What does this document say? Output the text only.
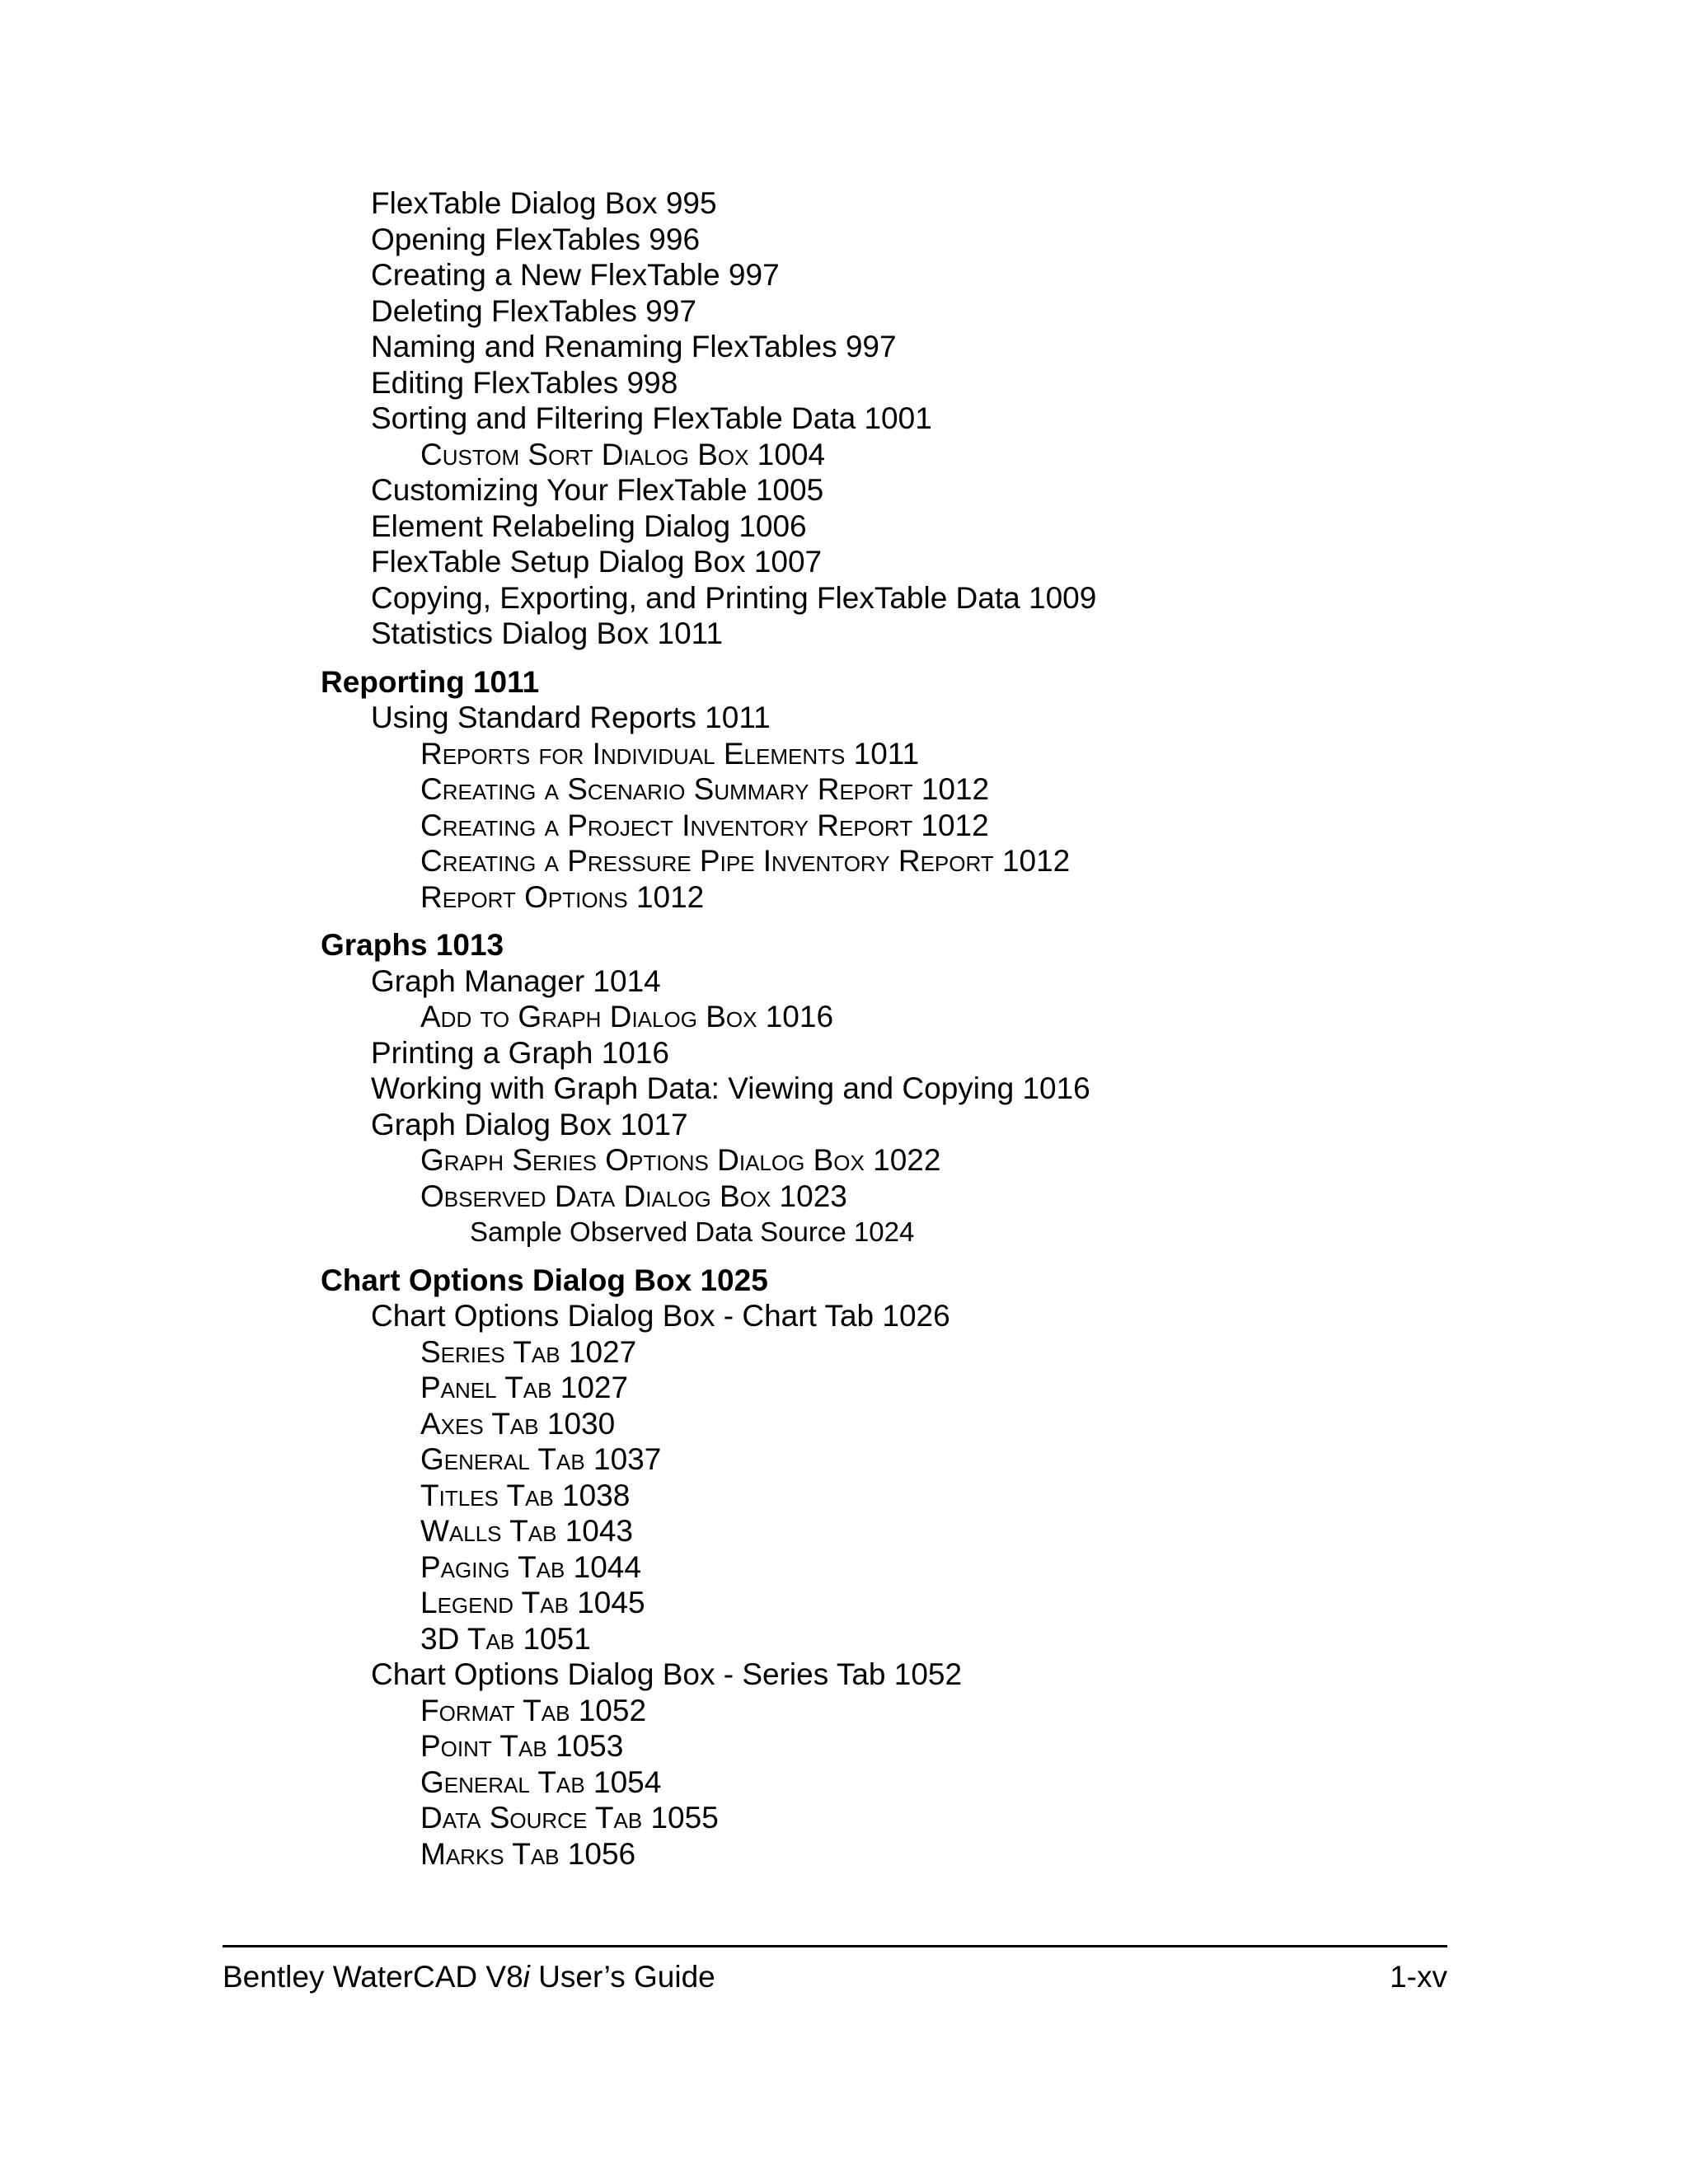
FlexTable Dialog Box 995
Opening FlexTables 996
Creating a New FlexTable 997
Deleting FlexTables 997
Naming and Renaming FlexTables 997
Editing FlexTables 998
Sorting and Filtering FlexTable Data 1001
Custom Sort Dialog Box 1004
Customizing Your FlexTable 1005
Element Relabeling Dialog 1006
FlexTable Setup Dialog Box 1007
Copying, Exporting, and Printing FlexTable Data 1009
Statistics Dialog Box 1011
Reporting 1011
Using Standard Reports 1011
Reports for Individual Elements 1011
Creating a Scenario Summary Report 1012
Creating a Project Inventory Report 1012
Creating a Pressure Pipe Inventory Report 1012
Report Options 1012
Graphs 1013
Graph Manager 1014
Add to Graph Dialog Box 1016
Printing a Graph 1016
Working with Graph Data: Viewing and Copying 1016
Graph Dialog Box 1017
Graph Series Options Dialog Box 1022
Observed Data Dialog Box 1023
Sample Observed Data Source 1024
Chart Options Dialog Box 1025
Chart Options Dialog Box - Chart Tab 1026
Series Tab 1027
Panel Tab 1027
Axes Tab 1030
General Tab 1037
Titles Tab 1038
Walls Tab 1043
Paging Tab 1044
Legend Tab 1045
3D Tab 1051
Chart Options Dialog Box - Series Tab 1052
Format Tab 1052
Point Tab 1053
General Tab 1054
Data Source Tab 1055
Marks Tab 1056
Bentley WaterCAD V8i User’s Guide	1-xv
